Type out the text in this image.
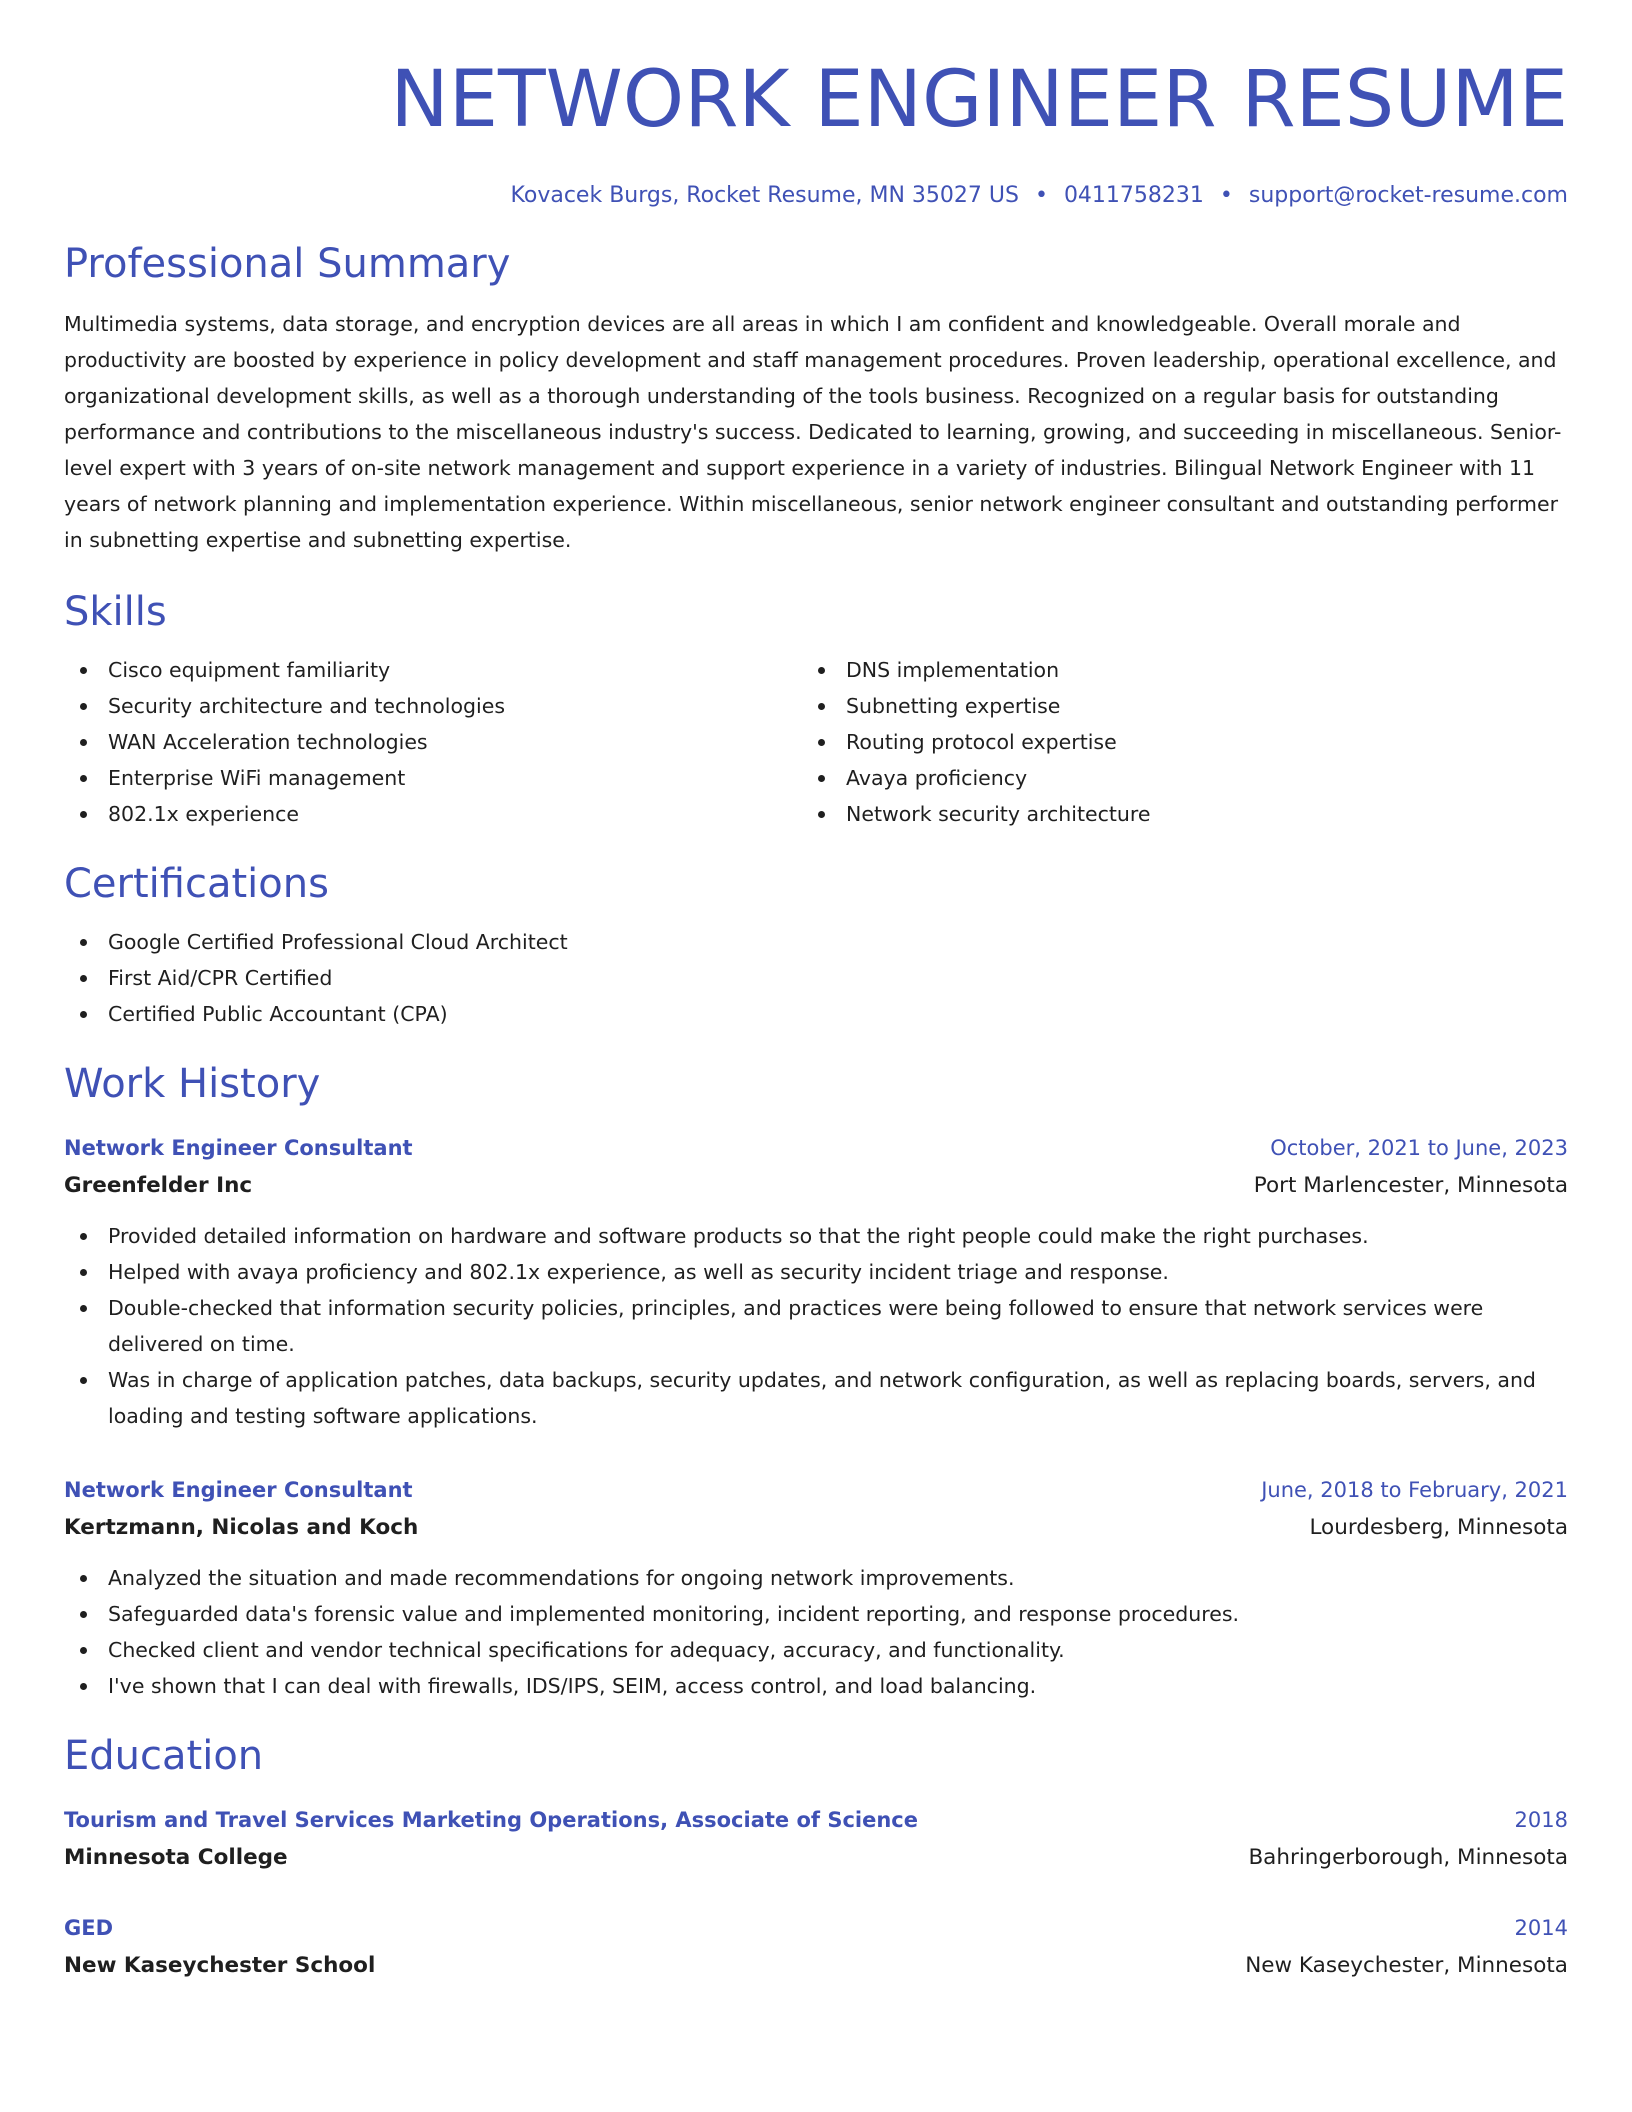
NETWORK ENGINEER RESUME
Kovacek Burgs, Rocket Resume, MN 35027 US • 0411758231 • support@rocket-resume.com
Professional Summary

Multimedia systems, data storage, and encryption devices are all areas in which I am confident and knowledgeable. Overall morale and productivity are boosted by experience in policy development and staff management procedures. Proven leadership, operational excellence, and organizational development skills, as well as a thorough understanding of the tools business. Recognized on a regular basis for outstanding performance and contributions to the miscellaneous industry's success. Dedicated to learning, growing, and succeeding in miscellaneous. Senior-level expert with 3 years of on-site network management and support experience in a variety of industries. Bilingual Network Engineer with 11 years of network planning and implementation experience. Within miscellaneous, senior network engineer consultant and outstanding performer in subnetting expertise and subnetting expertise.

Skills
Cisco equipment familiarity
Security architecture and technologies
WAN Acceleration technologies
Enterprise WiFi management
802.1x experience
DNS implementation
Subnetting expertise
Routing protocol expertise
Avaya proficiency
Network security architecture
Certifications
Google Certified Professional Cloud Architect
First Aid/CPR Certified
Certified Public Accountant (CPA)
Work History
Network Engineer Consultant	October, 2021 to June, 2023
Greenfelder Inc	Port Marlencester, Minnesota
Provided detailed information on hardware and software products so that the right people could make the right purchases.
Helped with avaya proficiency and 802.1x experience, as well as security incident triage and response.
Double-checked that information security policies, principles, and practices were being followed to ensure that network services were delivered on time.
Was in charge of application patches, data backups, security updates, and network configuration, as well as replacing boards, servers, and loading and testing software applications.
Network Engineer Consultant	June, 2018 to February, 2021
Kertzmann, Nicolas and Koch	Lourdesberg, Minnesota
Analyzed the situation and made recommendations for ongoing network improvements.
Safeguarded data's forensic value and implemented monitoring, incident reporting, and response procedures.
Checked client and vendor technical specifications for adequacy, accuracy, and functionality.
I've shown that I can deal with firewalls, IDS/IPS, SEIM, access control, and load balancing.
Education
Tourism and Travel Services Marketing Operations, Associate of Science	2018
Minnesota College	Bahringerborough, Minnesota
GED	2014
New Kaseychester School	New Kaseychester, Minnesota
